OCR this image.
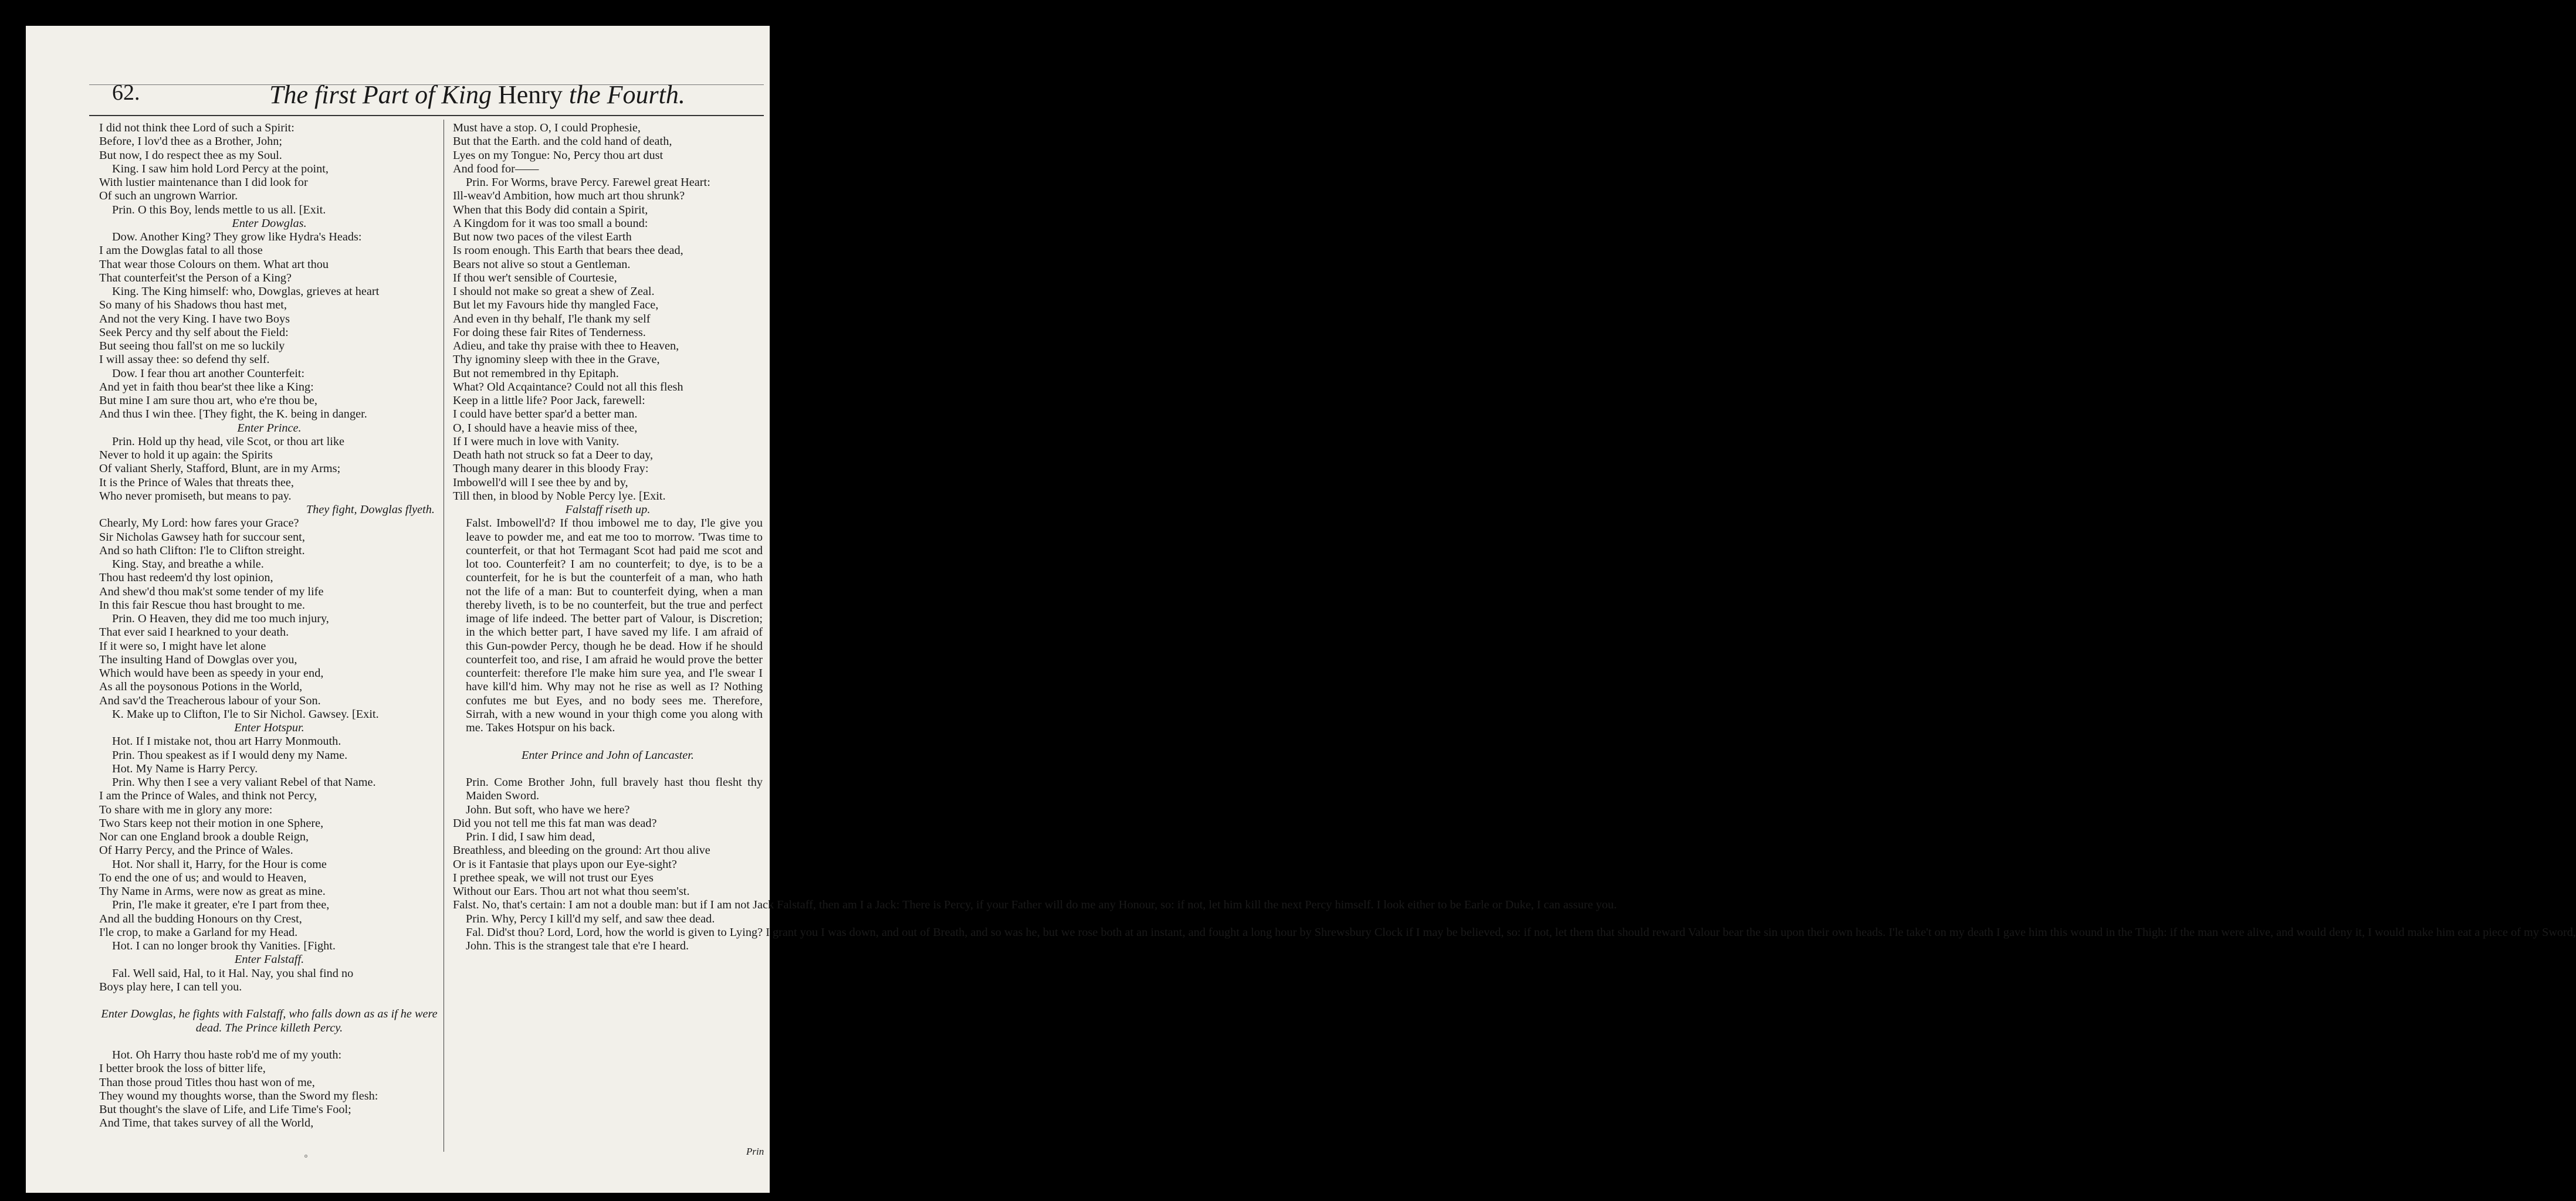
62.	The first Part of King Henry the Fourth.
I did not think thee Lord of such a Spirit:
Before, I lov'd thee as a Brother, John;
But now, I do respect thee as my Soul.
King. I saw him hold Lord Percy at the point,
With lustier maintenance than I did look for
Of such an ungrown Warrior.
Prin. O this Boy, lends mettle to us all. [Exit.
Enter Dowglas.
Dow. Another King? They grow like Hydra's Heads:
I am the Dowglas fatal to all those
That wear those Colours on them. What art thou
That counterfeit'st the Person of a King?
King. The King himself: who, Dowglas, grieves at heart
So many of his Shadows thou hast met,
And not the very King. I have two Boys
Seek Percy and thy self about the Field:
But seeing thou fall'st on me so luckily
I will assay thee: so defend thy self.
Dow. I fear thou art another Counterfeit:
And yet in faith thou bear'st thee like a King:
But mine I am sure thou art, who e're thou be,
And thus I win thee. [They fight, the K. being in danger.
Enter Prince.
Prin. Hold up thy head, vile Scot, or thou art like
Never to hold it up again: the Spirits
Of valiant Sherly, Stafford, Blunt, are in my Arms;
It is the Prince of Wales that threats thee,
Who never promiseth, but means to pay.
They fight, Dowglas flyeth.
Chearly, My Lord: how fares your Grace?
Sir Nicholas Gawsey hath for succour sent,
And so hath Clifton: I'le to Clifton streight.
King. Stay, and breathe a while.
Thou hast redeem'd thy lost opinion,
And shew'd thou mak'st some tender of my life
In this fair Rescue thou hast brought to me.
Prin. O Heaven, they did me too much injury,
That ever said I hearkned to your death.
If it were so, I might have let alone
The insulting Hand of Dowglas over you,
Which would have been as speedy in your end,
As all the poysonous Potions in the World,
And sav'd the Treacherous labour of your Son.
K. Make up to Clifton, I'le to Sir Nichol. Gawsey. [Exit.
Enter Hotspur.
Hot. If I mistake not, thou art Harry Monmouth.
Prin. Thou speakest as if I would deny my Name.
Hot. My Name is Harry Percy.
Prin. Why then I see a very valiant Rebel of that Name.
I am the Prince of Wales, and think not Percy,
To share with me in glory any more:
Two Stars keep not their motion in one Sphere,
Nor can one England brook a double Reign,
Of Harry Percy, and the Prince of Wales.
Hot. Nor shall it, Harry, for the Hour is come
To end the one of us; and would to Heaven,
Thy Name in Arms, were now as great as mine.
Prin, I'le make it greater, e're I part from thee,
And all the budding Honours on thy Crest,
I'le crop, to make a Garland for my Head.
Hot. I can no longer brook thy Vanities. [Fight.
Enter Falstaff.
Fal. Well said, Hal, to it Hal. Nay, you shal find no
Boys play here, I can tell you.
Enter Dowglas, he fights with Falstaff, who falls down as as if he were dead. The Prince killeth Percy.
Hot. Oh Harry thou haste rob'd me of my youth:
I better brook the loss of bitter life,
Than those proud Titles thou hast won of me,
They wound my thoughts worse, than the Sword my flesh:
But thought's the slave of Life, and Life Time's Fool;
And Time, that takes survey of all the World,
Must have a stop. O, I could Prophesie,
But that the Earth. and the cold hand of death,
Lyes on my Tongue: No, Percy thou art dust
And food for——
Prin. For Worms, brave Percy. Farewel great Heart:
Ill-weav'd Ambition, how much art thou shrunk?
When that this Body did contain a Spirit,
A Kingdom for it was too small a bound:
But now two paces of the vilest Earth
Is room enough. This Earth that bears thee dead,
Bears not alive so stout a Gentleman.
If thou wer't sensible of Courtesie,
I should not make so great a shew of Zeal.
But let my Favours hide thy mangled Face,
And even in thy behalf, I'le thank my self
For doing these fair Rites of Tenderness.
Adieu, and take thy praise with thee to Heaven,
Thy ignominy sleep with thee in the Grave,
But not remembred in thy Epitaph.
What? Old Acqaintance? Could not all this flesh
Keep in a little life? Poor Jack, farewell:
I could have better spar'd a better man.
O, I should have a heavie miss of thee,
If I were much in love with Vanity.
Death hath not struck so fat a Deer to day,
Though many dearer in this bloody Fray:
Imbowell'd will I see thee by and by,
Till then, in blood by Noble Percy lye. [Exit.
Falstaff riseth up.
Falst. Imbowell'd? If thou imbowel me to day, I'le give you leave to powder me, and eat me too to morrow. 'Twas time to counterfeit, or that hot Termagant Scot had paid me scot and lot too. Counterfeit? I am no counterfeit; to dye, is to be a counterfeit, for he is but the counterfeit of a man, who hath not the life of a man: But to counterfeit dying, when a man thereby liveth, is to be no counterfeit, but the true and perfect image of life indeed. The better part of Valour, is Discretion; in the which better part, I have saved my life. I am afraid of this Gun-powder Percy, though he be dead. How if he should counterfeit too, and rise, I am afraid he would prove the better counterfeit: therefore I'le make him sure yea, and I'le swear I have kill'd him. Why may not he rise as well as I? Nothing confutes me but Eyes, and no body sees me. Therefore, Sirrah, with a new wound in your thigh come you along with me. Takes Hotspur on his back.
Enter Prince and John of Lancaster.
Prin. Come Brother John, full bravely hast thou flesht thy Maiden Sword.
John. But soft, who have we here?
Did you not tell me this fat man was dead?
Prin. I did, I saw him dead,
Breathless, and bleeding on the ground: Art thou alive
Or is it Fantasie that plays upon our Eye-sight?
I prethee speak, we will not trust our Eyes
Without our Ears. Thou art not what thou seem'st.
Falst. No, that's certain: I am not a double man: but if I am not Jack Falstaff, then am I a Jack: There is Percy, if your Father will do me any Honour, so: if not, let him kill the next Percy himself. I look either to be Earle or Duke, I can assure you.
Prin. Why, Percy I kill'd my self, and saw thee dead.
Fal. Did'st thou? Lord, Lord, how the world is given to Lying? I grant you I was down, and out of Breath, and so was he, but we rose both at an instant, and fought a long hour by Shrewsbury Clock if I may be believed, so: if not, let them that should reward Valour bear the sin upon their own heads. I'le take't on my death I gave him this wound in the Thigh: if the man were alive, and would deny it, I would make him eat a piece of my Sword,
John. This is the strangest tale that e're I heard.
Prin
o
